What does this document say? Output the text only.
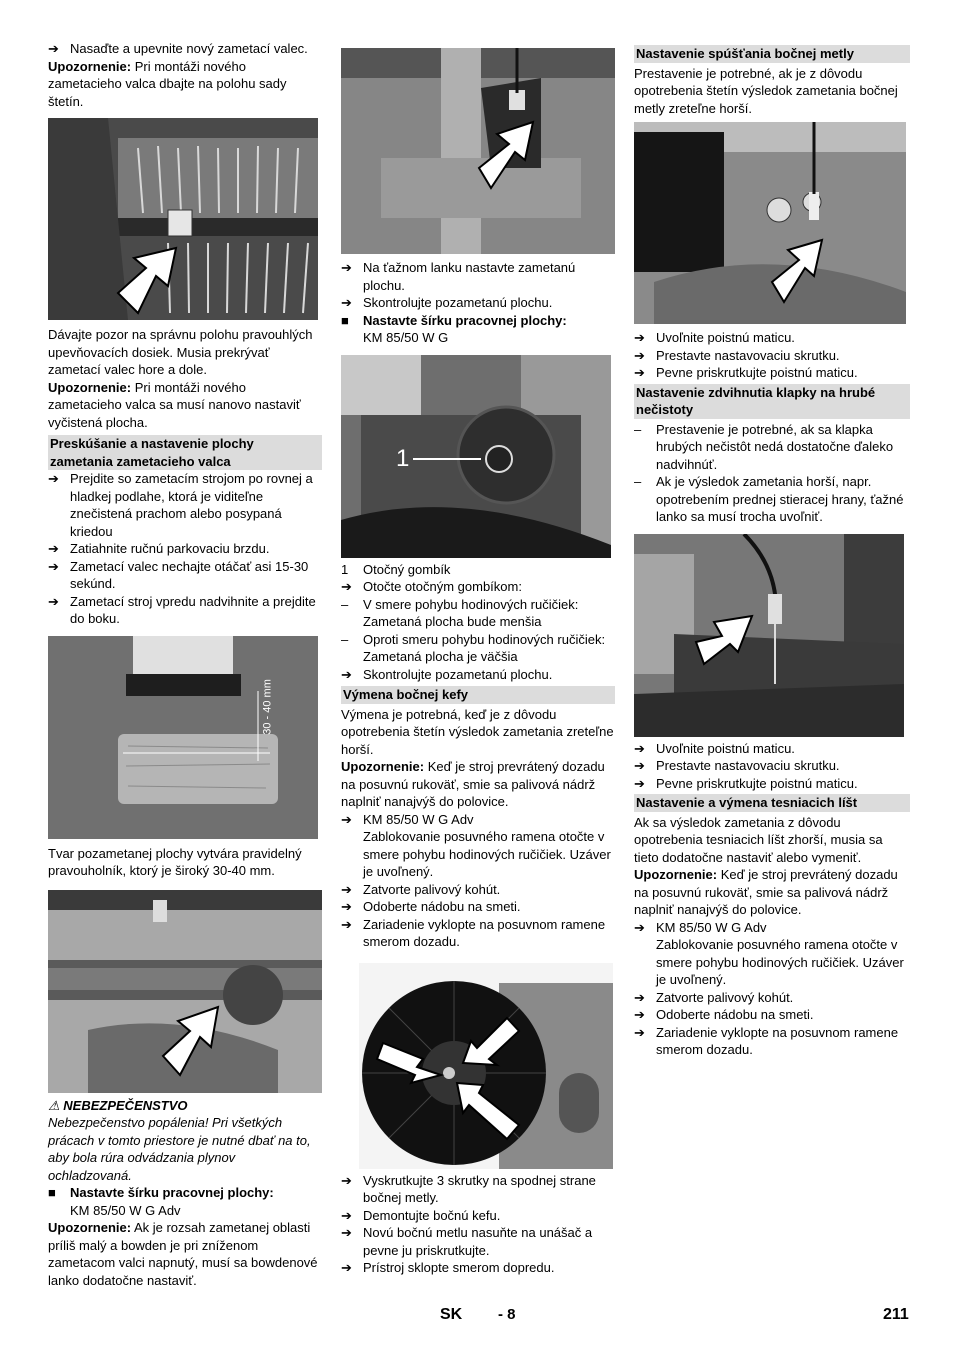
➔ Nasaďte a upevnite nový zametací valec.

Upozornenie: Pri montáži nového zametacieho valca dbajte na polohu sady štetín.

Dávajte pozor na správnu polohu pravouhlých upevňovacích dosiek. Musia prekrývať zametací valec hore a dole.

Upozornenie: Pri montáži nového zametacieho valca sa musí nanovo nastaviť vyčistená plocha.

Preskúšanie a nastavenie plochy zametania zametacieho valca

➔ Prejdite so zametacím strojom po rovnej a hladkej podlahe, ktorá je viditeľne znečistená prachom alebo posypaná kriedou
➔ Zatiahnite ručnú parkovaciu brzdu.
➔ Zametací valec nechajte otáčať asi 15-30 sekúnd.
➔ Zametací stroj vpredu nadvihnite a prejdite do boku.
30 - 40 mm

Tvar pozametanej plochy vytvára pravidelný pravouholník, ktorý je široký 30-40 mm.

⚠ NEBEZPEČENSTVO

Nebezpečenstvo popálenia! Pri všetkých prácach v tomto priestore je nutné dbať na to, aby bola rúra odvádzania plynov ochladzovaná.

■	Nastavte šírku pracovnej plochy:
KM 85/50 W G Adv

Upozornenie: Ak je rozsah zametanej oblasti príliš malý a bowden je pri zníženom zametacom valci napnutý, musí sa bowdenové lanko dodatočne nastaviť.

➔ Na ťažnom lanku nastavte zametanú plochu.
➔ Skontrolujte pozametanú plochu.
■	Nastavte šírku pracovnej plochy:
KM 85/50 W G
1
1	Otočný gombík
➔ Otočte otočným gombíkom:
–	V smere pohybu hodinových ručičiek: Zametaná plocha bude menšia
–	Oproti smeru pohybu hodinových ručičiek: Zametaná plocha je väčšia
➔ Skontrolujte pozametanú plochu.

Výmena bočnej kefy

Výmena je potrebná, keď je z dôvodu opotrebenia štetín výsledok zametania zreteľne horší.

Upozornenie: Keď je stroj prevrátený dozadu na posuvnú rukoväť, smie sa palivová nádrž naplniť nanajvýš do polovice.

➔ KM 85/50 W G Adv
Zablokovanie posuvného ramena otočte v smere pohybu hodinových ručičiek. Uzáver je uvoľnený.
➔ Zatvorte palivový kohút.
➔ Odoberte nádobu na smeti.
➔ Zariadenie vyklopte na posuvnom ramene smerom dozadu.
➔ Vyskrutkujte 3 skrutky na spodnej strane bočnej metly.
➔ Demontujte bočnú kefu.
➔ Novú bočnú metlu nasuňte na unášač a pevne ju priskrutkujte.
➔ Prístroj sklopte smerom dopredu.

Nastavenie spúšťania bočnej metly

Prestavenie je potrebné, ak je z dôvodu opotrebenia štetín výsledok zametania bočnej metly zreteľne horší.

➔ Uvoľnite poistnú maticu.
➔ Prestavte nastavovaciu skrutku.
➔ Pevne priskrutkujte poistnú maticu.

Nastavenie zdvihnutia klapky na hrubé nečistoty

–	Prestavenie je potrebné, ak sa klapka hrubých nečistôt nedá dostatočne ďaleko nadvihnúť.
–	Ak je výsledok zametania horší, napr. opotrebením prednej stieracej hrany, ťažné lanko sa musí trocha uvoľniť.
➔ Uvoľnite poistnú maticu.
➔ Prestavte nastavovaciu skrutku.
➔ Pevne priskrutkujte poistnú maticu.

Nastavenie a výmena tesniacich líšt

Ak sa výsledok zametania z dôvodu opotrebenia tesniacich líšt zhorší, musia sa tieto dodatočne nastaviť alebo vymeniť.

Upozornenie: Keď je stroj prevrátený dozadu na posuvnú rukoväť, smie sa palivová nádrž naplniť nanajvýš do polovice.

➔ KM 85/50 W G Adv
Zablokovanie posuvného ramena otočte v smere pohybu hodinových ručičiek. Uzáver je uvoľnený.
➔ Zatvorte palivový kohút.
➔ Odoberte nádobu na smeti.
➔ Zariadenie vyklopte na posuvnom ramene smerom dozadu.
SK - 8	211
